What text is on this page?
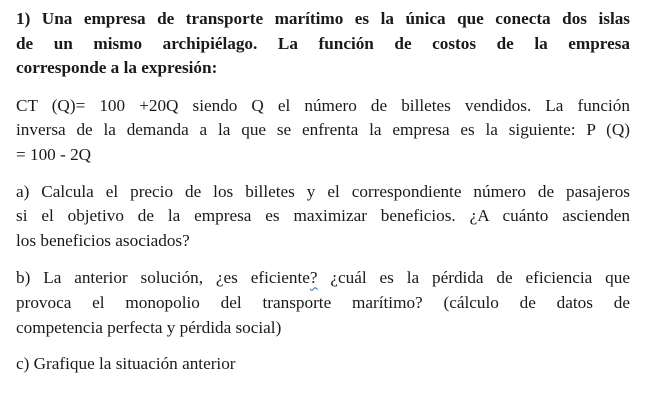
1) Una empresa de transporte marítimo es la única que conecta dos islas
de un mismo archipiélago. La función de costos de la empresa
corresponde a la expresión:

CT (Q)= 100 +20Q siendo Q el número de billetes vendidos. La función
inversa de la demanda a la que se enfrenta la empresa es la siguiente: P (Q)
= 100 - 2Q

a) Calcula el precio de los billetes y el correspondiente número de pasajeros
si el objetivo de la empresa es maximizar beneficios. ¿A cuánto ascienden
los beneficios asociados?

b) La anterior solución, ¿es eficiente? ¿cuál es la pérdida de eficiencia que
provoca el monopolio del transporte marítimo? (cálculo de datos de
competencia perfecta y pérdida social)

c) Grafique la situación anterior
